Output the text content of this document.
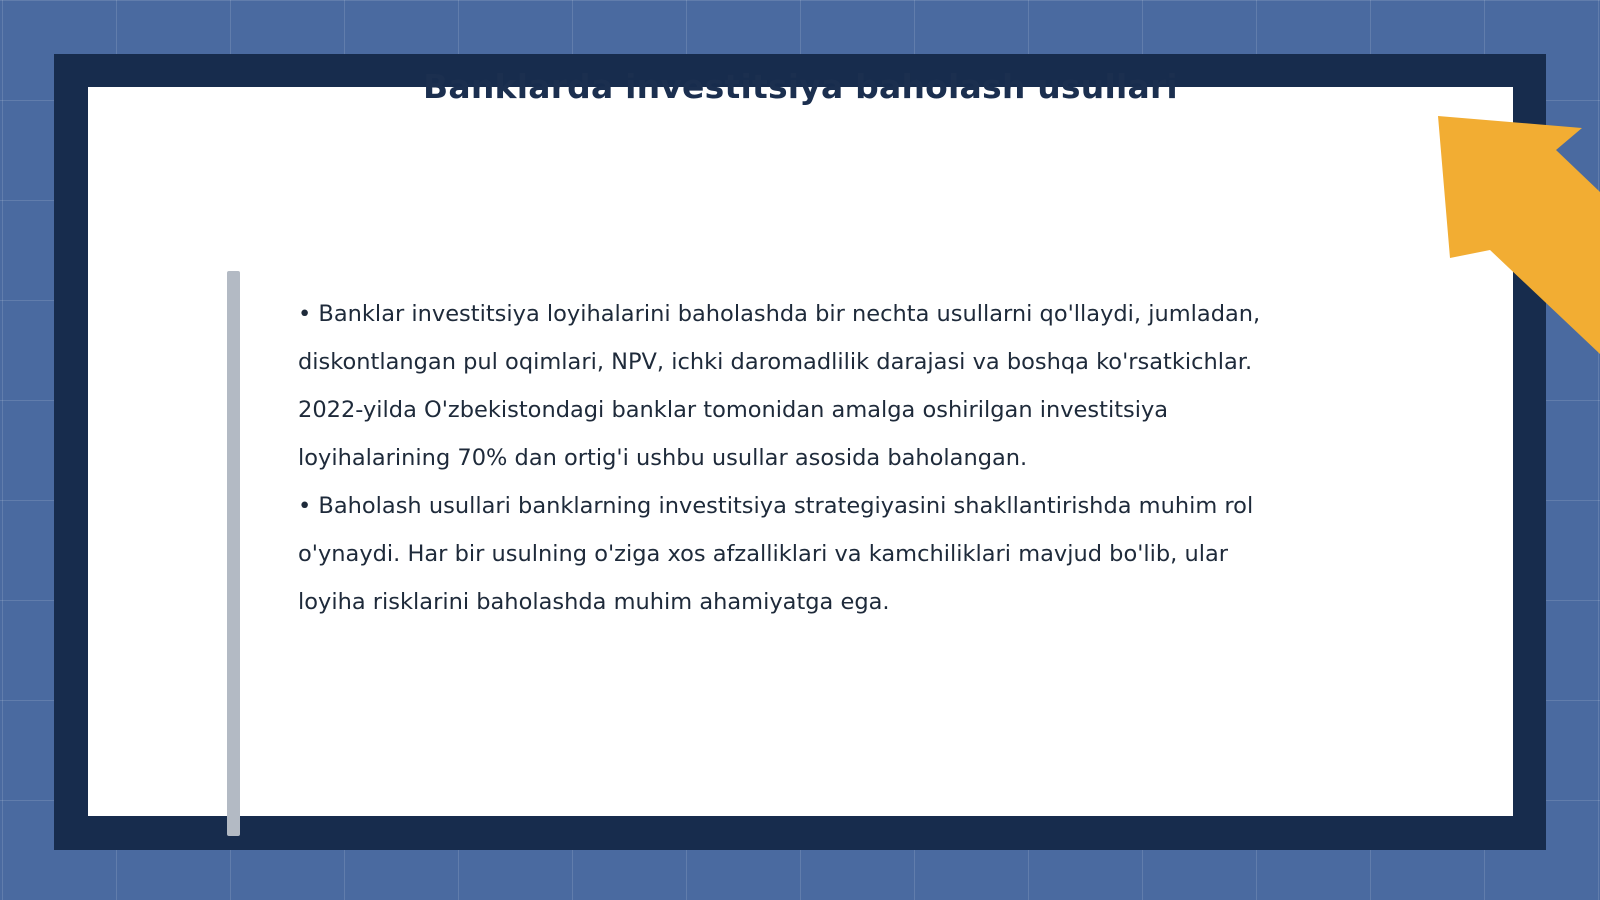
Banklarda investitsiya baholash usullari

• Banklar investitsiya loyihalarini baholashda bir nechta usullarni qo'llaydi, jumladan, diskontlangan pul oqimlari, NPV, ichki daromadlilik darajasi va boshqa ko'rsatkichlar. 2022-yilda O'zbekistondagi banklar tomonidan amalga oshirilgan investitsiya loyihalarining 70% dan ortig'i ushbu usullar asosida baholangan.

• Baholash usullari banklarning investitsiya strategiyasini shakllantirishda muhim rol o'ynaydi. Har bir usulning o'ziga xos afzalliklari va kamchiliklari mavjud bo'lib, ular loyiha risklarini baholashda muhim ahamiyatga ega.
